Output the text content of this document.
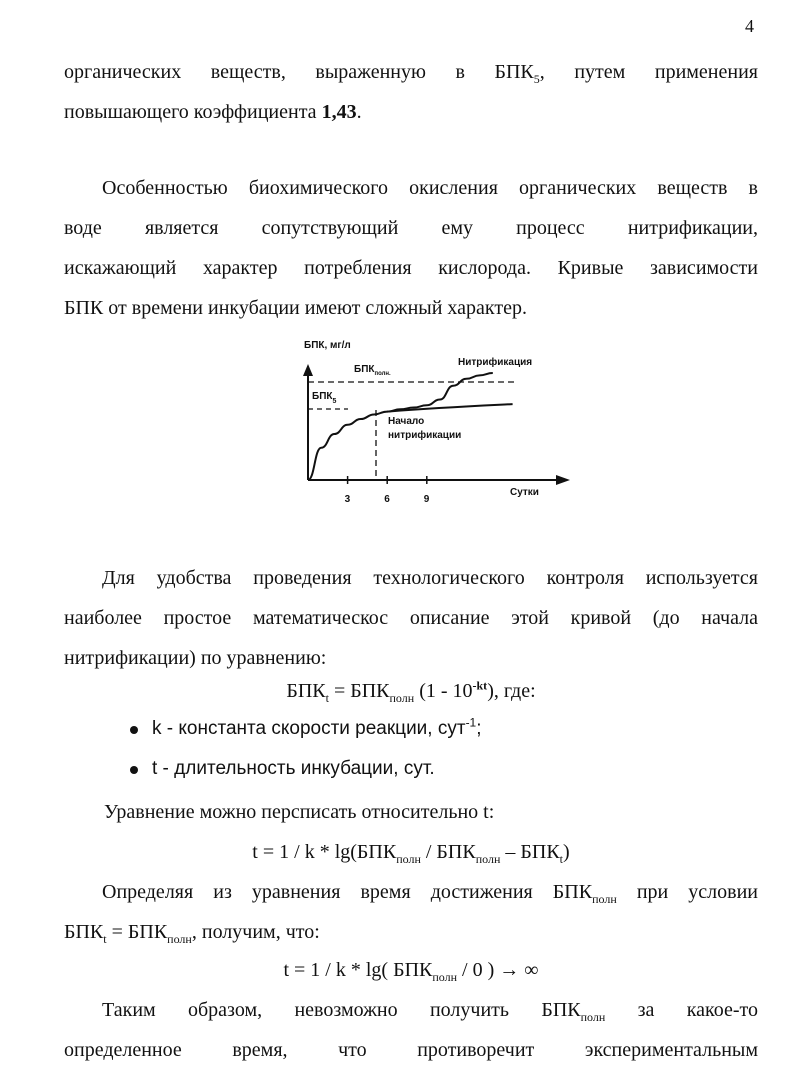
4
органических веществ, выраженную в $БПК_5$, путем применения
повышающего коэффициента 1,43.
Особенностью биохимического окисления органических веществ в
воде является сопутствующий ему процесс нитрификации,
искажающий характер потребления кислорода. Кривые зависимости
БПК от времени инкубации имеют сложный характер.
БПК, мг/л
Сутки
3	6	9
$БПК_{полн.}$
$БПК_5$
Нитрификация
Начало
нитрификации
Для удобства проведения технологического контроля используется
наиболее простое математическос описание этой кривой (до начала
нитрификации) по уравнению:
$БПК_t = БПК_{полн}$ $(1 - 10^{-kt})$, где:
k - константа скорости реакции, сут$^{-1}$;
t - длительность инкубации, сут.
Уравнение можно персписать относительно t:
$t = 1 / k * \lg(БПК_{полн} / БПК_{полн} - БПК_t)$
Определяя из уравнения время достижения $БПК_{полн}$ при условии
$БПК_t = БПК_{полн}$, получим, что:
t = 1 / k * lg( $БПК_{полн} / 0$ ) → ∞
Таким образом, невозможно получить $БПК_{полн}$ за какое-то
определенное время, что противоречит экспериментальным
